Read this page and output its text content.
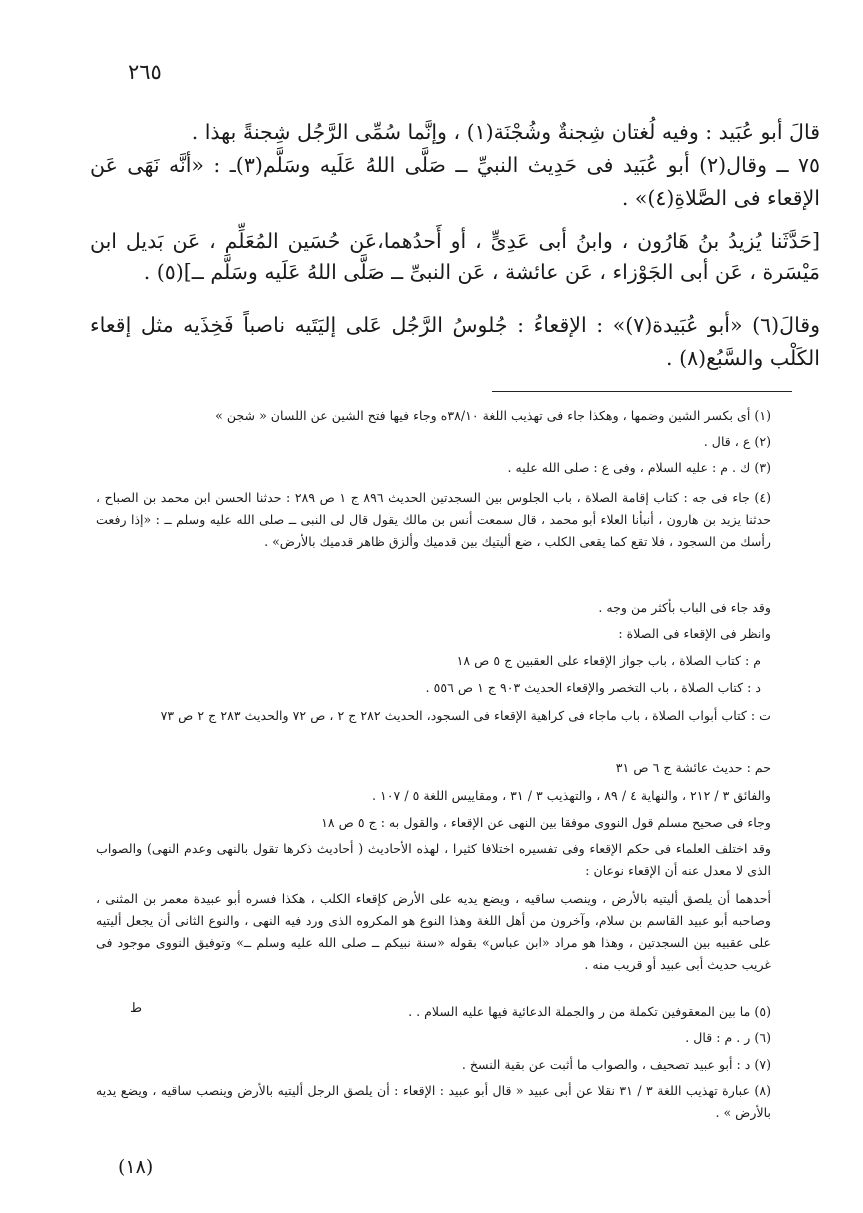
٢٦٥
قالَ أبو عُبَيد : وفيه لُغتان شِجنةٌ وشُجْنَة(١) ، وإنَّما سُمِّى الرَّجُل شِجنةً بهذا .
٧٥ ــ وقال(٢) أبو عُبَيد فى حَدِيث النبيِّ ــ صَلَّى اللهُ عَلَيه وسَلَّم(٣)ـ : «أنَّه نَهَى عَن الإقعاء فى الصَّلاةِ(٤)» .
[حَدَّثَنا يُزيدُ بنُ هَارُون ، وابنُ أبى عَدِىٍّ ، أو أَحدُهما،عَن حُسَين المُعَلِّم ، عَن بَديل ابن مَيْسَرة ، عَن أبى الجَوْزاء ، عَن عائشة ، عَن النبىِّ ــ صَلَّى اللهُ عَلَيه وسَلَّم ــ](٥) .
وقالَ(٦) «أبو عُبَيدة(٧)» : الإقعاءُ : جُلوسُ الرَّجُل عَلى إليَتَيه ناصباً فَخِذَيه مثل إقعاء الكَلْب والسَّبُع(٨) .
(١) أى بكسر الشين وضمها ، وهكذا جاء فى تهذيب اللغة ٣٨/١٠ه وجاء فيها فتح الشين عن اللسان « شجن »
(٢) ع ، قال .
(٣) ك . م : عليه السلام ، وفى ع : صلى الله عليه .
(٤) جاء فى جه : كتاب إقامة الصلاة ، باب الجلوس بين السجدتين الحديث ٨٩٦ ج ١ ص ٢٨٩ : حدثنا الحسن ابن محمد بن الصباح ، حدثنا يزيد بن هارون ، أنبأنا العلاء أبو محمد ، قال سمعت أنس بن مالك يقول قال لى النبى ــ صلى الله عليه وسلم ــ : «إذا رفعت رأسك من السجود ، فلا تقع كما يقعى الكلب ، ضع أليتيك بين قدميك وألزق ظاهر قدميك بالأرض» .
وقد جاء فى الباب بأكثر من وجه .
وانظر فى الإقعاء فى الصلاة :
م : كتاب الصلاة ، باب جواز الإقعاء على العقبين ج ٥ ص ١٨
د : كتاب الصلاة ، باب التخصر والإقعاء الحديث ٩٠٣ ج ١ ص ٥٥٦ .
ت : كتاب أبواب الصلاة ، باب ماجاء فى كراهية الإقعاء فى السجود، الحديث ٢٨٢ ج ٢ ، ص ٧٢ والحديث ٢٨٣ ج ٢ ص ٧٣
حم : حديث عائشة ج ٦ ص ٣١
والفائق ٣ / ٢١٢ ، والنهاية ٤ / ٨٩ ، والتهذيب ٣ / ٣١ ، ومقاييس اللغة ٥ / ١٠٧ .
وجاء فى صحيح مسلم قول النووى موفقا بين النهى عن الإقعاء ، والقول به : ج ٥ ص ١٨
وقد اختلف العلماء فى حكم الإقعاء وفى تفسيره اختلافا كثيرا ، لهذه الأحاديث ( أحاديث ذكرها تقول بالنهى وعدم النهى) والصواب الذى لا معدل عنه أن الإقعاء نوعان :
أحدهما أن يلصق أليتيه بالأرض ، وينصب ساقيه ، ويضع يديه على الأرض كإقعاء الكلب ، هكذا فسره أبو عبيدة معمر بن المثنى ، وصاحبه أبو عبيد القاسم بن سلام، وآخرون من أهل اللغة وهذا النوع هو المكروه الذى ورد فيه النهى ، والنوع الثانى أن يجعل أليتيه على عقبيه بين السجدتين ، وهذا هو مراد «ابن عباس» بقوله «سنة نبيكم ــ صلى الله عليه وسلم ــ» وتوفيق النووى موجود فى غريب حديث أبى عبيد أو قريب منه .
(٥) ما بين المعقوفين تكملة من ر والجملة الدعائية فيها عليه السلام . .
ط
(٦) ر . م : قال .
(٧) د : أبو عبيد تصحيف ، والصواب ما أثبت عن بقية النسخ .
(٨) عبارة تهذيب اللغة ٣ / ٣١ نقلا عن أبى عبيد « قال أبو عبيد : الإقعاء : أن يلصق الرجل أليتيه بالأرض وينصب ساقيه ، ويضع يديه بالأرض » .
(١٨)
